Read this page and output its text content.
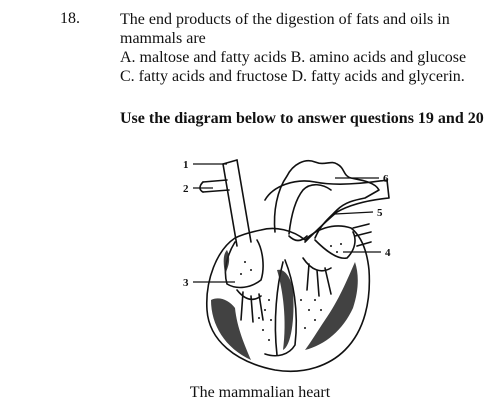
18.	The end products of the digestion of fats and oils in
mammals are
A. maltose and fatty acids B. amino acids and glucose
C. fatty acids and fructose D. fatty acids and glycerin.
Use the diagram below to answer questions 19 and 20
1
2
3
4
5
6
The mammalian heart
